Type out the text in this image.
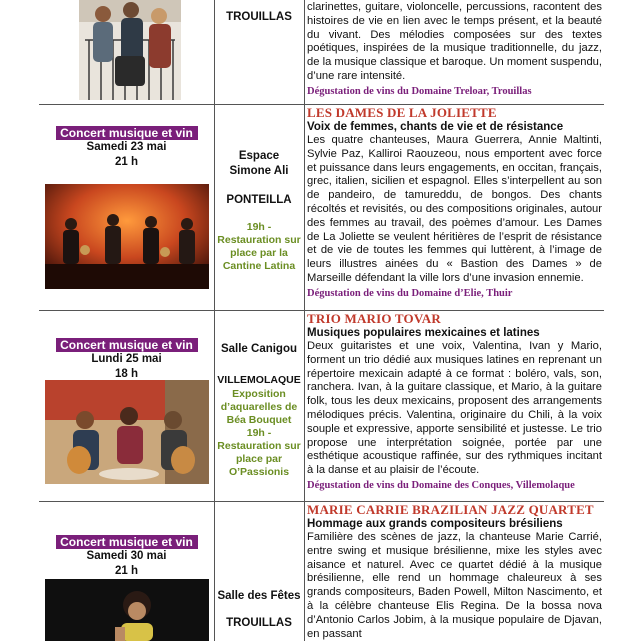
TROUILLAS
clarinettes, guitare, violoncelle, percussions, racontent des histoires de vie en lien avec le temps présent, et la beauté du vivant. Des mélodies composées sur des textes poétiques, inspirées de la musique traditionnelle, du jazz, de la musique classique et baroque. Un moment suspendu, d’une rare intensité.
Dégustation de vins du Domaine Treloar, Trouillas
Concert musique et vin
Samedi 23 mai
21 h	Espace
Simone Ali
PONTEILLA
19h -
Restauration sur
place par la
Cantine Latina
LES DAMES DE LA JOLIETTE
Voix de femmes, chants de vie et de résistance
Les quatre chanteuses, Maura Guerrera, Annie Maltinti, Sylvie Paz, Kalliroi Raouzeou, nous emportent avec force et puissance dans leurs engagements, en occitan, français, grec, italien, sicilien et espagnol. Elles s’interpellent au son de pandeiro, de tamureddu, de bongos. Des chants récoltés et revisités, ou des compositions originales, autour des femmes au travail, des poèmes d’amour. Les Dames de La Joliette se veulent héritières de l’esprit de résistance et de vie de toutes les femmes qui luttèrent, à l’image de leurs illustres ainées du « Bastion des Dames » de Marseille défendant la ville lors d’une invasion ennemie.
Dégustation de vins du Domaine d’Elie, Thuir
Concert musique et vin
Lundi 25 mai
18 h
Salle Canigou
VILLEMOLAQUE
Exposition
d’aquarelles de
Béa Bouquet
19h -
Restauration sur
place par
O’Passionis
TRIO MARIO TOVAR
Musiques populaires mexicaines et latines
Deux guitaristes et une voix, Valentina, Ivan y Mario, forment un trio dédié aux musiques latines en reprenant un répertoire mexicain adapté à ce format : boléro, vals, son, ranchera. Ivan, à la guitare classique, et Mario, à la guitare folk, tous les deux mexicains, proposent des arrangements mélodiques précis. Valentina, originaire du Chili, à la voix souple et expressive, apporte sensibilité et justesse. Le trio propose une interprétation soignée, portée par une esthétique acoustique raffinée, sur des rythmiques incitant à la danse et au plaisir de l’écoute.
Dégustation de vins du Domaine des Conques, Villemolaque
Concert musique et vin
Samedi 30 mai
21 h
Salle des Fêtes
TROUILLAS
MARIE CARRIE BRAZILIAN JAZZ QUARTET
Hommage aux grands compositeurs brésiliens
Familière des scènes de jazz, la chanteuse Marie Carrié, entre swing et musique brésilienne, mixe les styles avec aisance et naturel. Avec ce quartet dédié à la musique brésilienne, elle rend un hommage chaleureux à ses grands compositeurs, Baden Powell, Milton Nascimento, et à la célèbre chanteuse Elis Regina. De la bossa nova d’Antonio Carlos Jobim, à la musique populaire de Djavan, en passant
